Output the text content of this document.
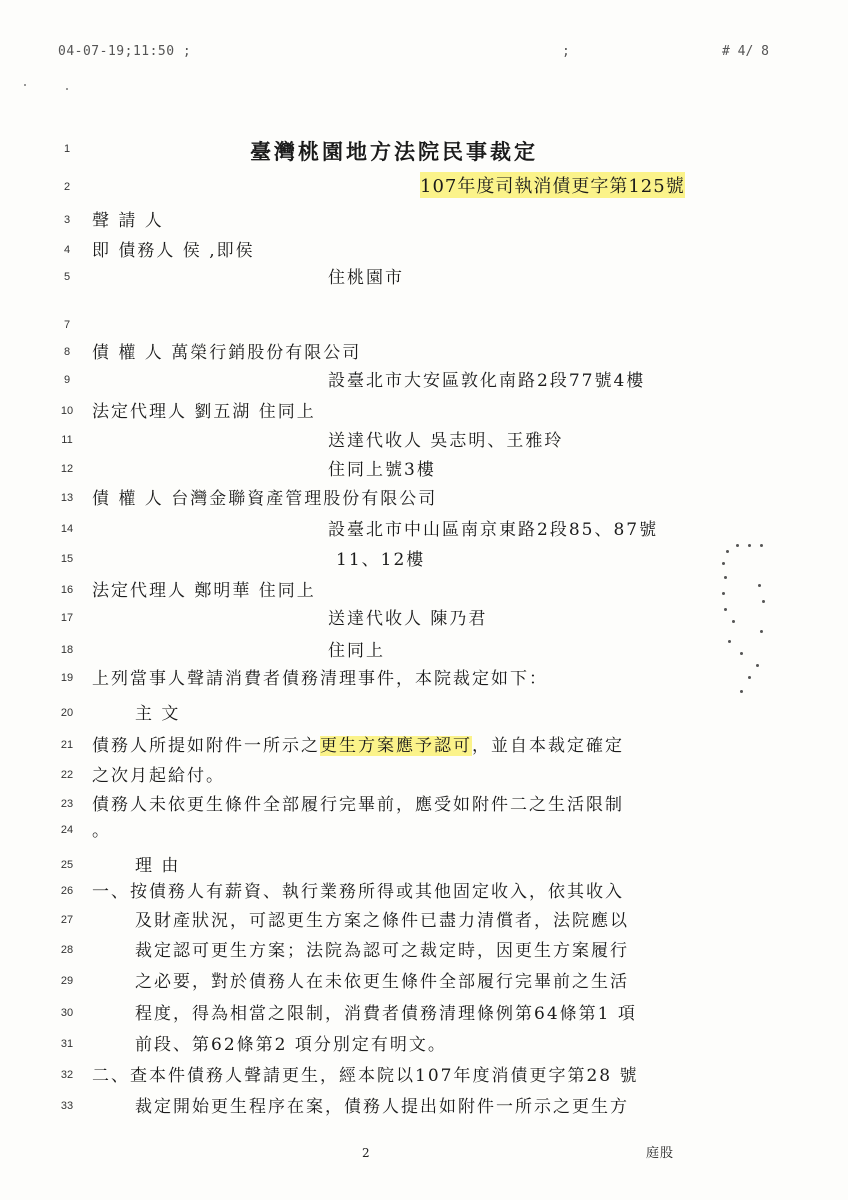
04-07-19;11:50 ;	;	# 4/ 8
1	臺灣桃園地方法院民事裁定
2	107年度司執消債更字第125號
3	聲 請 人
4	即 債務人 侯 ,即侯
5	住桃園市
7
8	債 權 人 萬榮行銷股份有限公司
9	設臺北市大安區敦化南路2段77號4樓
10	法定代理人 劉五湖 住同上
11	送達代收人 吳志明、王雅玲
12	住同上號3樓
13	債 權 人 台灣金聯資產管理股份有限公司
14	設臺北市中山區南京東路2段85、87號
15	11、12樓
16	法定代理人 鄭明華 住同上
17	送達代收人 陳乃君
18	住同上
19	上列當事人聲請消費者債務清理事件，本院裁定如下：
20	主 文
22	之次月起給付。
23	債務人未依更生條件全部履行完畢前，應受如附件二之生活限制
24	。
25	理 由
26	一、按債務人有薪資、執行業務所得或其他固定收入，依其收入
27	及財產狀況，可認更生方案之條件已盡力清償者，法院應以
28	裁定認可更生方案；法院為認可之裁定時，因更生方案履行
29	之必要，對於債務人在未依更生條件全部履行完畢前之生活
30	程度，得為相當之限制，消費者債務清理條例第64條第1 項
31	前段、第62條第2 項分別定有明文。
32	二、查本件債務人聲請更生，經本院以107年度消債更字第28 號
33	裁定開始更生程序在案，債務人提出如附件一所示之更生方
21	債務人所提如附件一所示之更生方案應予認可，並自本裁定確定
2	庭股
